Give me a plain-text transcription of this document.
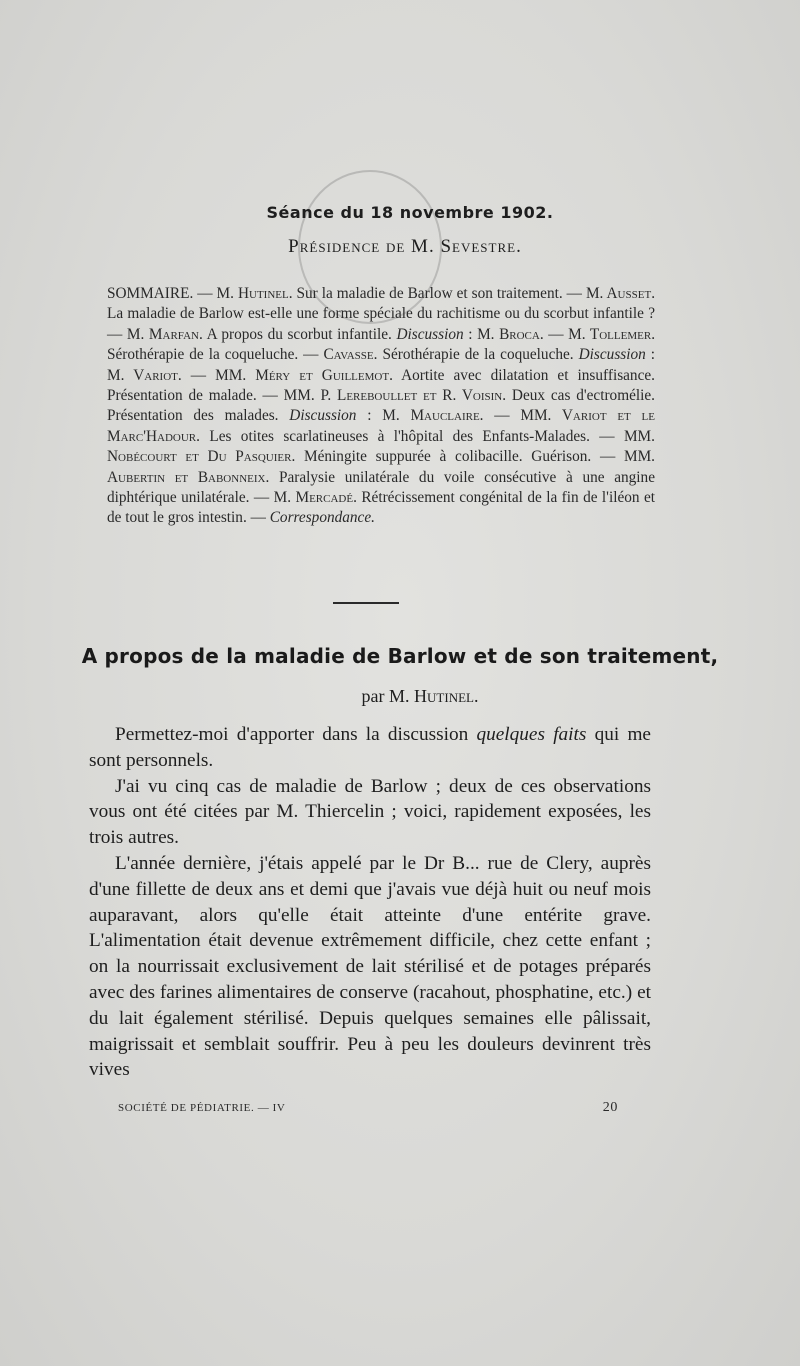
Séance du 18 novembre 1902.
Présidence de M. Sevestre.
SOMMAIRE. — M. Hutinel. Sur la maladie de Barlow et son traitement. — M. Ausset. La maladie de Barlow est-elle une forme spéciale du rachitisme ou du scorbut infantile ? — M. Marfan. A propos du scorbut infantile. Discussion : M. Broca. — M. Tollemer. Sérothérapie de la coqueluche. — Cavasse. Sérothérapie de la coqueluche. Discussion : M. Variot. — MM. Méry et Guillemot. Aortite avec dilatation et insuffisance. Présentation de malade. — MM. P. Lereboullet et R. Voisin. Deux cas d'ectromélie. Présentation des malades. Discussion : M. Mauclaire. — MM. Variot et le Marc'Hadour. Les otites scarlatineuses à l'hôpital des Enfants-Malades. — MM. Nobécourt et Du Pasquier. Méningite suppurée à colibacille. Guérison. — MM. Aubertin et Babonneix. Paralysie unilatérale du voile consécutive à une angine diphtérique unilatérale. — M. Mercadé. Rétrécissement congénital de la fin de l'iléon et de tout le gros intestin. — Correspondance.
A propos de la maladie de Barlow et de son traitement,
par M. Hutinel.

Permettez-moi d'apporter dans la discussion quelques faits qui me sont personnels.

J'ai vu cinq cas de maladie de Barlow ; deux de ces observations vous ont été citées par M. Thiercelin ; voici, rapidement exposées, les trois autres.

L'année dernière, j'étais appelé par le Dr B... rue de Clery, auprès d'une fillette de deux ans et demi que j'avais vue déjà huit ou neuf mois auparavant, alors qu'elle était atteinte d'une entérite grave. L'alimentation était devenue extrêmement difficile, chez cette enfant ; on la nourrissait exclusivement de lait stérilisé et de potages préparés avec des farines alimentaires de conserve (racahout, phosphatine, etc.) et du lait également stérilisé. Depuis quelques semaines elle pâlissait, maigrissait et semblait souffrir. Peu à peu les douleurs devinrent très vives

SOCIÉTÉ DE PÉDIATRIE. — IV	20
